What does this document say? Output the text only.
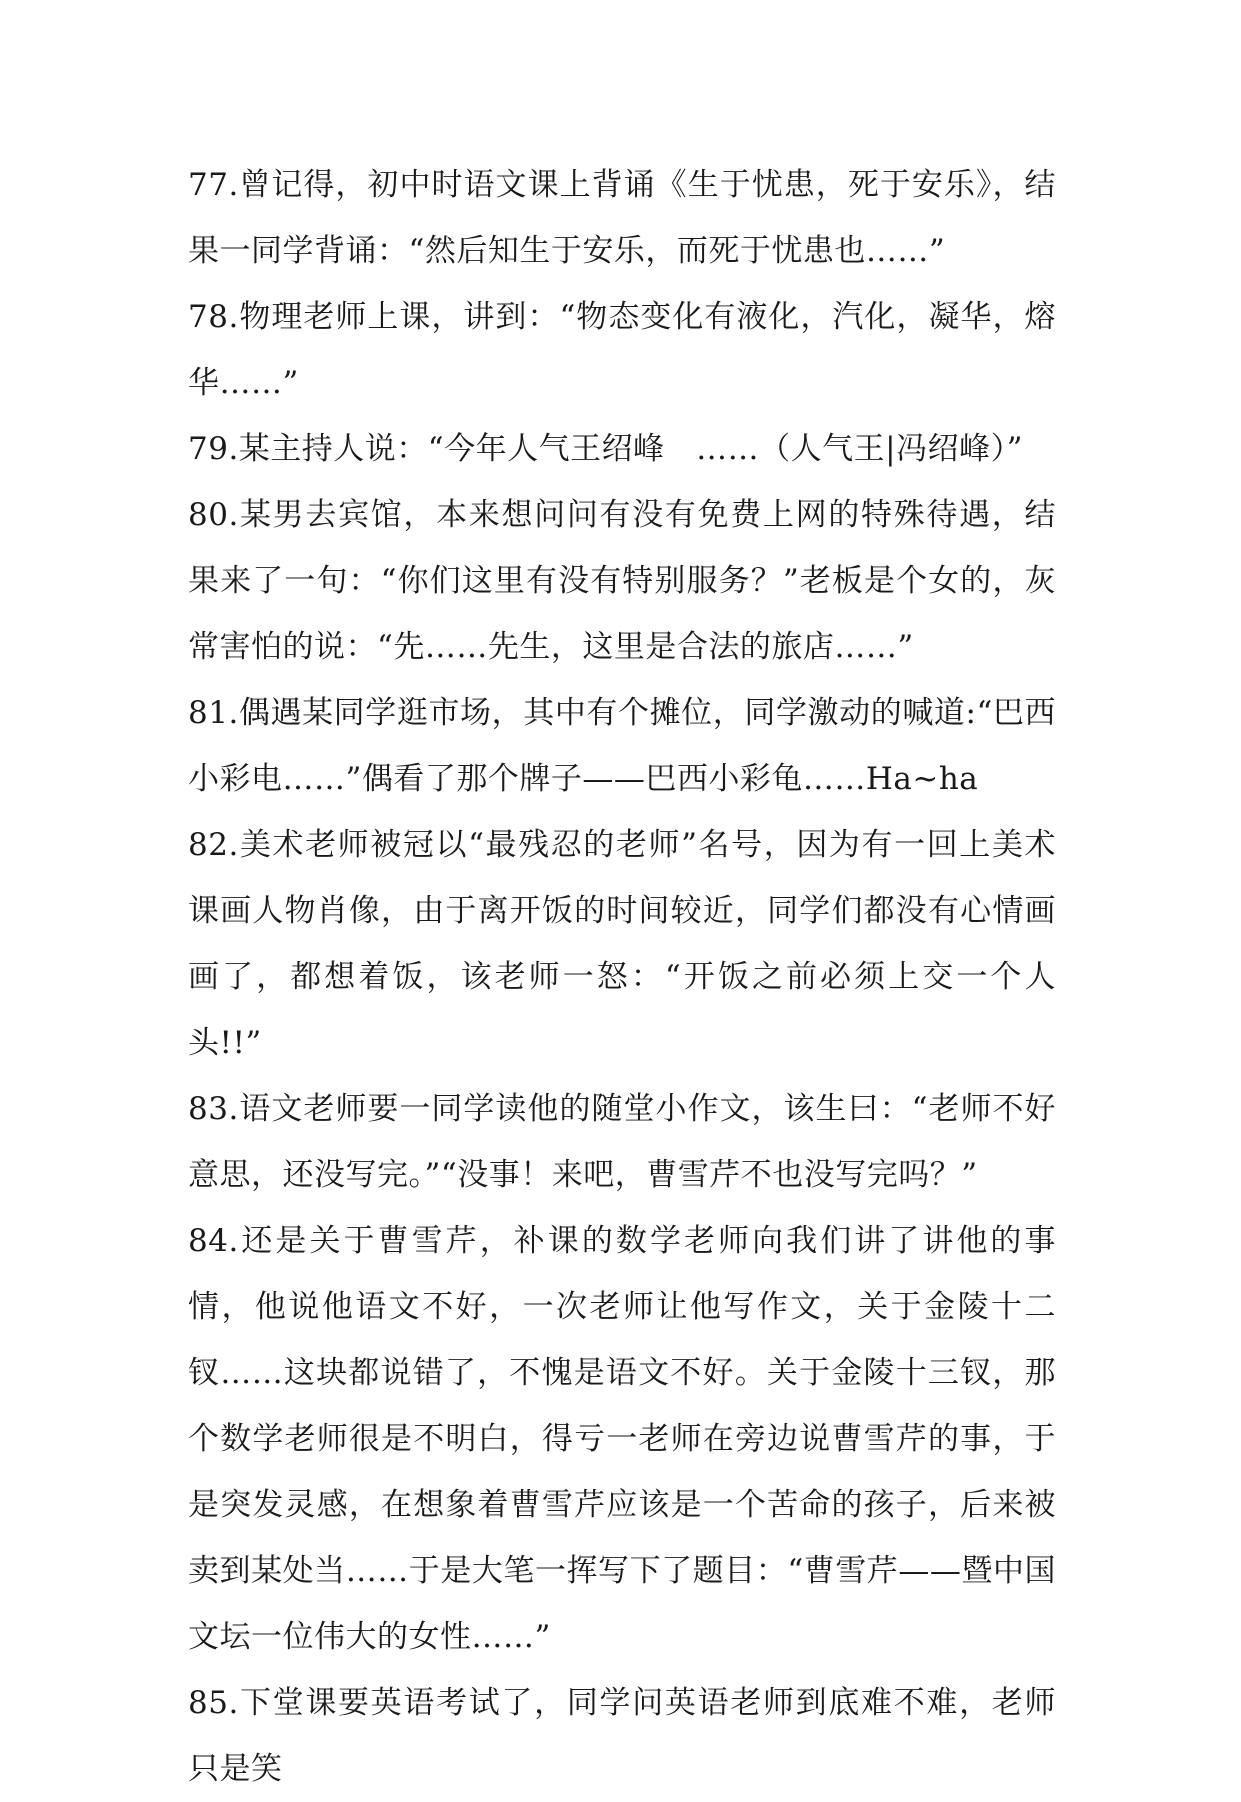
77.曾记得，初中时语文课上背诵《生于忧患，死于安乐》，结果一同学背诵：“然后知生于安乐，而死于忧患也……”

78.物理老师上课，讲到：“物态变化有液化，汽化，凝华，熔华……”

79.某主持人说：“今年人气王绍峰　……（人气王|冯绍峰）”

80.某男去宾馆，本来想问问有没有免费上网的特殊待遇，结果来了一句：“你们这里有没有特别服务？”老板是个女的，灰常害怕的说：“先……先生，这里是合法的旅店……”

81.偶遇某同学逛市场，其中有个摊位，同学激动的喊道:“巴西小彩电……”偶看了那个牌子——巴西小彩龟……Ha~ha

82.美术老师被冠以“最残忍的老师”名号，因为有一回上美术课画人物肖像，由于离开饭的时间较近，同学们都没有心情画画了，都想着饭，该老师一怒：“开饭之前必须上交一个人头!!”

83.语文老师要一同学读他的随堂小作文，该生曰：“老师不好意思，还没写完。”“没事！来吧，曹雪芹不也没写完吗？”

84.还是关于曹雪芹，补课的数学老师向我们讲了讲他的事情，他说他语文不好，一次老师让他写作文，关于金陵十二钗……这块都说错了，不愧是语文不好。关于金陵十三钗，那个数学老师很是不明白，得亏一老师在旁边说曹雪芹的事，于是突发灵感，在想象着曹雪芹应该是一个苦命的孩子，后来被卖到某处当……于是大笔一挥写下了题目：“曹雪芹——暨中国文坛一位伟大的女性……”

85.下堂课要英语考试了，同学问英语老师到底难不难，老师只是笑
